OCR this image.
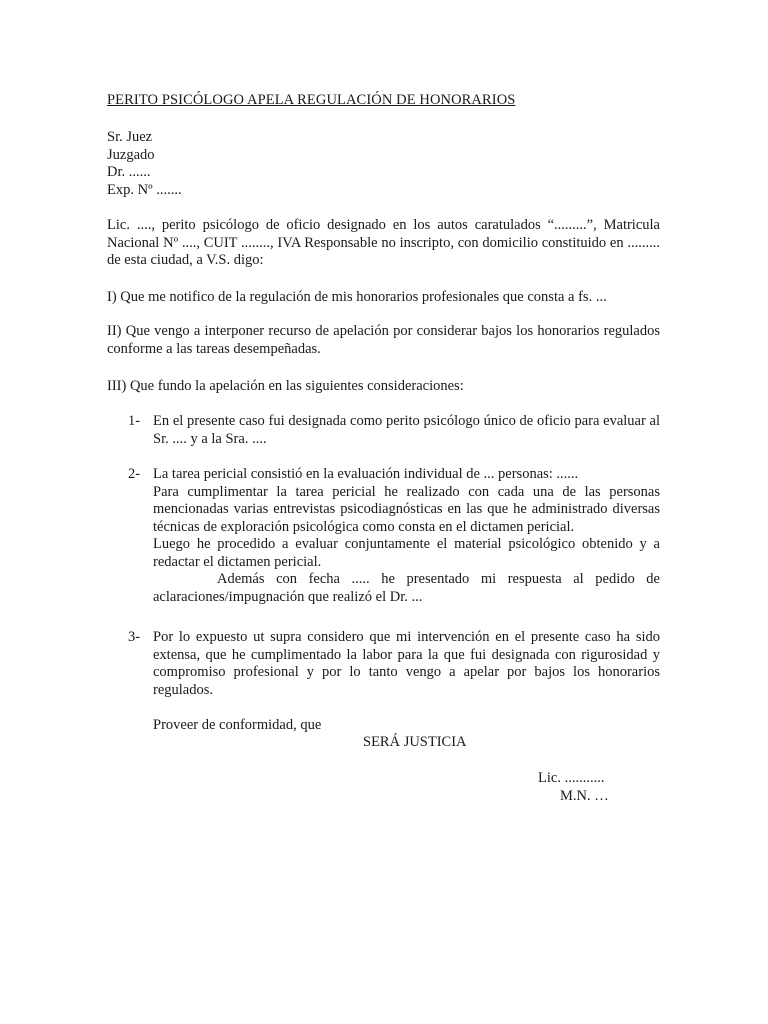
PERITO PSICÓLOGO APELA REGULACIÓN DE HONORARIOS
Sr. Juez
Juzgado
Dr. ......
Exp. Nº .......
Lic. ...., perito psicólogo de oficio designado en los autos caratulados “.........”, Matricula Nacional Nº ...., CUIT ........, IVA Responsable no inscripto, con domicilio constituido en ......... de esta ciudad, a V.S. digo:
I) Que me notifico de la regulación de mis honorarios profesionales que consta a fs. ...
II) Que vengo a interponer recurso de apelación por considerar bajos los honorarios regulados conforme a las tareas desempeñadas.
III) Que fundo la apelación en las siguientes consideraciones:
1- En el presente caso fui designada como perito psicólogo único de oficio para evaluar al Sr. .... y a la Sra. ....

2- La tarea pericial consistió en la evaluación individual de ... personas: ......

Para cumplimentar la tarea pericial he realizado con cada una de las personas mencionadas varias entrevistas psicodiagnósticas en las que he administrado diversas técnicas de exploración psicológica como consta en el dictamen pericial.

Luego he procedido a evaluar conjuntamente el material psicológico obtenido y a redactar el dictamen pericial.

Además con fecha ..... he presentado mi respuesta al pedido de aclaraciones/impugnación que realizó el Dr. ...

3- Por lo expuesto ut supra considero que mi intervención en el presente caso ha sido extensa, que he cumplimentado la labor para la que fui designada con rigurosidad y compromiso profesional y por lo tanto vengo a apelar por bajos los honorarios regulados.

Proveer de conformidad, que
SERÁ JUSTICIA
Lic. ...........
M.N. …
